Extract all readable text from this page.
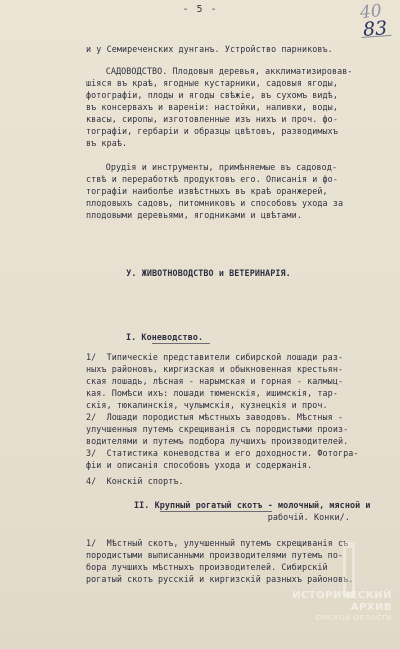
- 5 -	40
83
и у Семиреченских дунганъ. Устройство парниковъ.
САДОВОДСТВО. Плодовыя деревья, акклиматизировав-
шiяся въ краѣ, ягодные кустарники, садовыя ягоды,
фотографiи, плоды и ягоды свѣжiе, въ сухомъ видѣ,
въ консервахъ и варенiи: настойки, наливки, воды,
квасы, сиропы, изготовленные изъ нихъ и проч. фо-
тографiи, гербарiи и образцы цвѣтовъ, разводимыхъ
въ краѣ.
Орудiя и инструменты, примѣняемые въ садовод-
ствѣ и переработкѣ продуктовъ его. Описанiя и фо-
тографiи наиболѣе извѣстныхъ въ краѣ оранжерей,
плодовыхъ садовъ, питомниковъ и способовъ ухода за
плодовыми деревьями, ягодниками и цвѣтами.
У. ЖИВОТНОВОДСТВО и ВЕТЕРИНАРIЯ.
I. Коневодство.
1/  Типическiе представители сибирской лошади раз-
ныхъ районовъ, киргизская и обыкновенная крестьян-
ская лошадь, лѣсная - нарымская и горная - калмыц-
кая. Помѣси ихъ: лошади тюменскiя, ишимскiя, тар-
скiя, тюкалинскiя, чулымскiя, кузнецкiя и проч.
2/  Лошади породистыя мѣстныхъ заводовъ. Мѣстныя -
улучшенныя путемъ скрещиванiя съ породистыми произ-
водителями и путемъ подбора лучшихъ производителей.
3/  Статистика коневодства и его доходности. Фотогра-
фiи и описанiя способовъ ухода и содержанiя.
4/  Конскiй спортъ.
II. Крупный рогатый скотъ - молочный, мясной и
рабочiй. Конки/.
1/  Мѣстный скотъ, улучшенный путемъ скрещиванiя съ
породистыми выписанными производителями путемъ по-
бора лучшихъ мѣстныхъ производителей. Сибирскiй
рогатый скотъ русскiй и киргизскiй разныхъ районовъ.
ИСТОРИЧЕСКИЙ
АРХИВ
ОМСКОЙ ОБЛАСТИ
